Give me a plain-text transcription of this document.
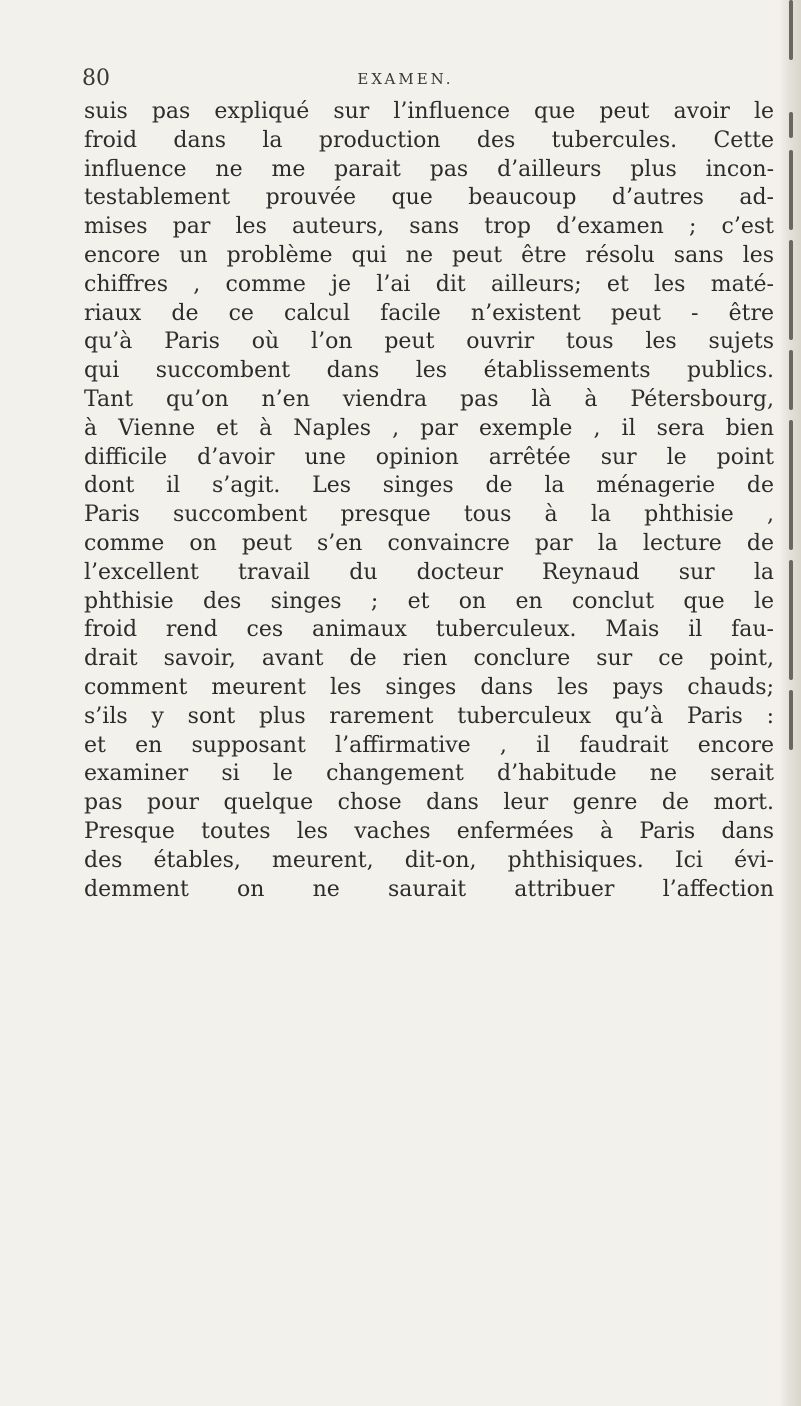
80	EXAMEN.
suis pas expliqué sur l’influence que peut avoir le
froid dans la production des tubercules. Cette
influence ne me parait pas d’ailleurs plus incon-
testablement prouvée que beaucoup d’autres ad-
mises par les auteurs, sans trop d’examen ; c’est
encore un problème qui ne peut être résolu sans les
chiffres , comme je l’ai dit ailleurs; et les maté-
riaux de ce calcul facile n’existent peut - être
qu’à Paris où l’on peut ouvrir tous les sujets
qui succombent dans les établissements publics.
Tant qu’on n’en viendra pas là à Pétersbourg,
à Vienne et à Naples , par exemple , il sera bien
difficile d’avoir une opinion arrêtée sur le point
dont il s’agit. Les singes de la ménagerie de
Paris succombent presque tous à la phthisie ,
comme on peut s’en convaincre par la lecture de
l’excellent travail du docteur Reynaud sur la
phthisie des singes ; et on en conclut que le
froid rend ces animaux tuberculeux. Mais il fau-
drait savoir, avant de rien conclure sur ce point,
comment meurent les singes dans les pays chauds;
s’ils y sont plus rarement tuberculeux qu’à Paris :
et en supposant l’affirmative , il faudrait encore
examiner si le changement d’habitude ne serait
pas pour quelque chose dans leur genre de mort.
Presque toutes les vaches enfermées à Paris dans
des étables, meurent, dit-on, phthisiques. Ici évi-
demment on ne saurait attribuer l’affection
